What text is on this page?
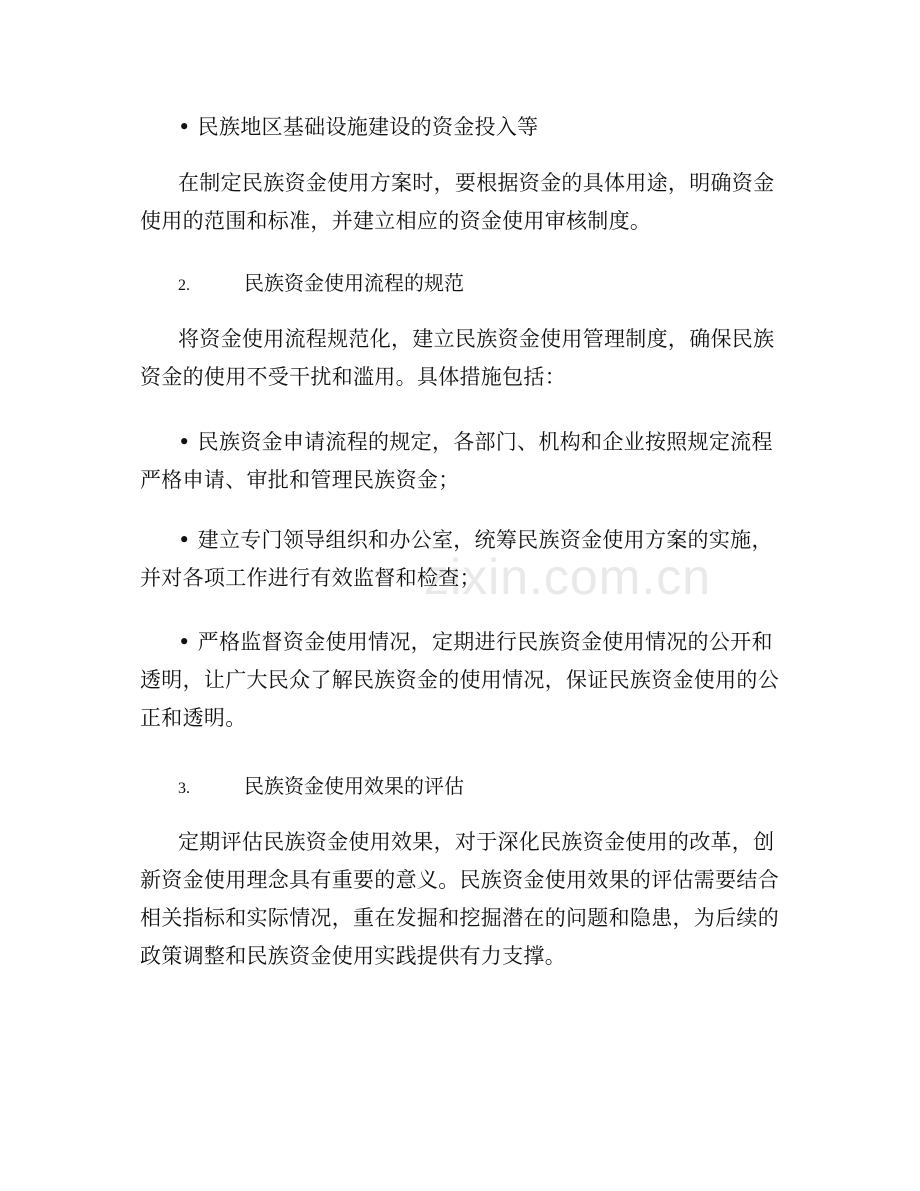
zixin.com.cn

• 民族地区基础设施建设的资金投入等

在制定民族资金使用方案时，要根据资金的具体用途，明确资金使用的范围和标准，并建立相应的资金使用审核制度。

2.	民族资金使用流程的规范

将资金使用流程规范化，建立民族资金使用管理制度，确保民族资金的使用不受干扰和滥用。具体措施包括：

• 民族资金申请流程的规定，各部门、机构和企业按照规定流程严格申请、审批和管理民族资金；

• 建立专门领导组织和办公室，统筹民族资金使用方案的实施，并对各项工作进行有效监督和检查；

• 严格监督资金使用情况，定期进行民族资金使用情况的公开和透明，让广大民众了解民族资金的使用情况，保证民族资金使用的公正和透明。

3.	民族资金使用效果的评估

定期评估民族资金使用效果，对于深化民族资金使用的改革，创新资金使用理念具有重要的意义。民族资金使用效果的评估需要结合相关指标和实际情况，重在发掘和挖掘潜在的问题和隐患，为后续的政策调整和民族资金使用实践提供有力支撑。
